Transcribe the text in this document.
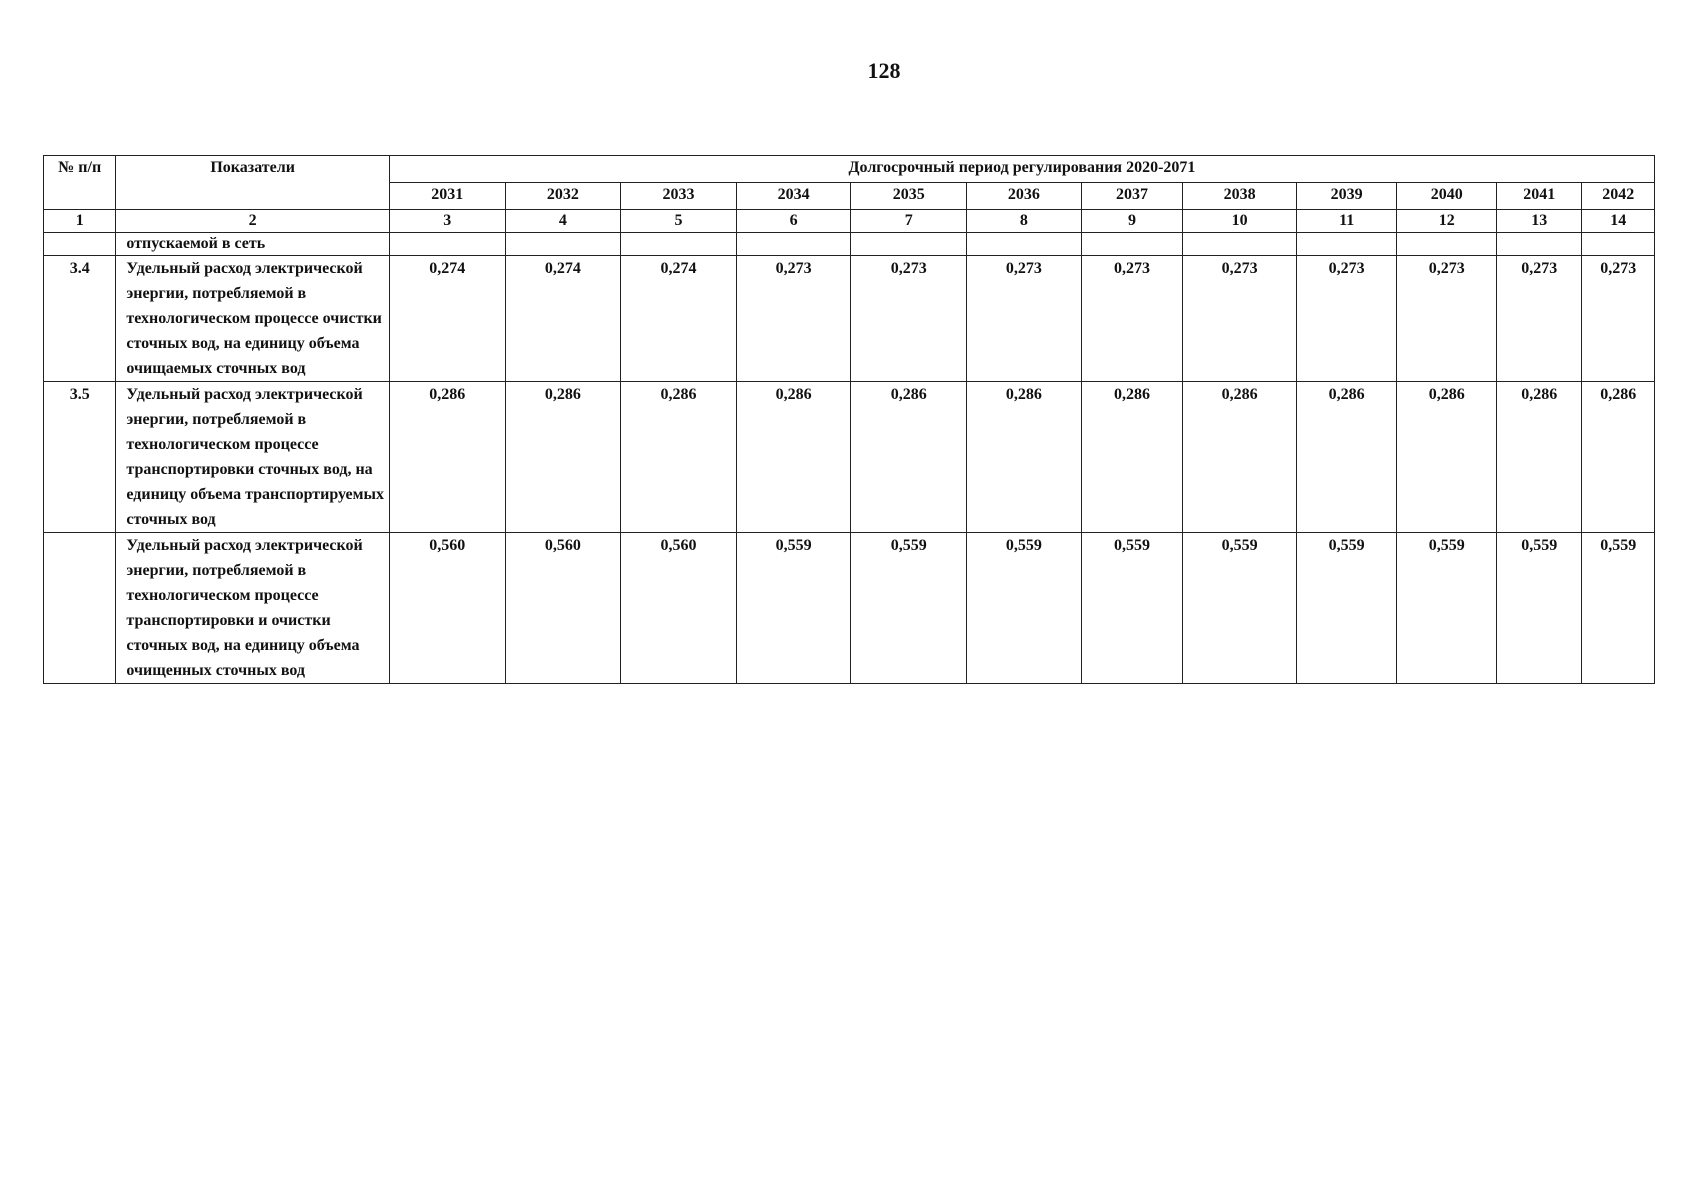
128
№ п/п	Показатели	Долгосрочный период регулирования 2020-2071											
		2031	2032	2033	2034	2035	2036	2037	2038	2039	2040	2041	2042
1	2	3	4	5	6	7	8	9	10	11	12	13	14
	отпускаемой в сеть												
3.4	Удельный расход электрической энергии, потребляемой в технологическом процессе очистки сточных вод, на единицу объема очищаемых сточных вод	0,274	0,274	0,274	0,273	0,273	0,273	0,273	0,273	0,273	0,273	0,273	0,273
3.5	Удельный расход электрической энергии, потребляемой в технологическом процессе транспортировки сточных вод, на единицу объема транспортируемых сточных вод	0,286	0,286	0,286	0,286	0,286	0,286	0,286	0,286	0,286	0,286	0,286	0,286
	Удельный расход электрической энергии, потребляемой в технологическом процессе транспортировки и очистки сточных вод, на единицу объема очищенных сточных вод	0,560	0,560	0,560	0,559	0,559	0,559	0,559	0,559	0,559	0,559	0,559	0,559
